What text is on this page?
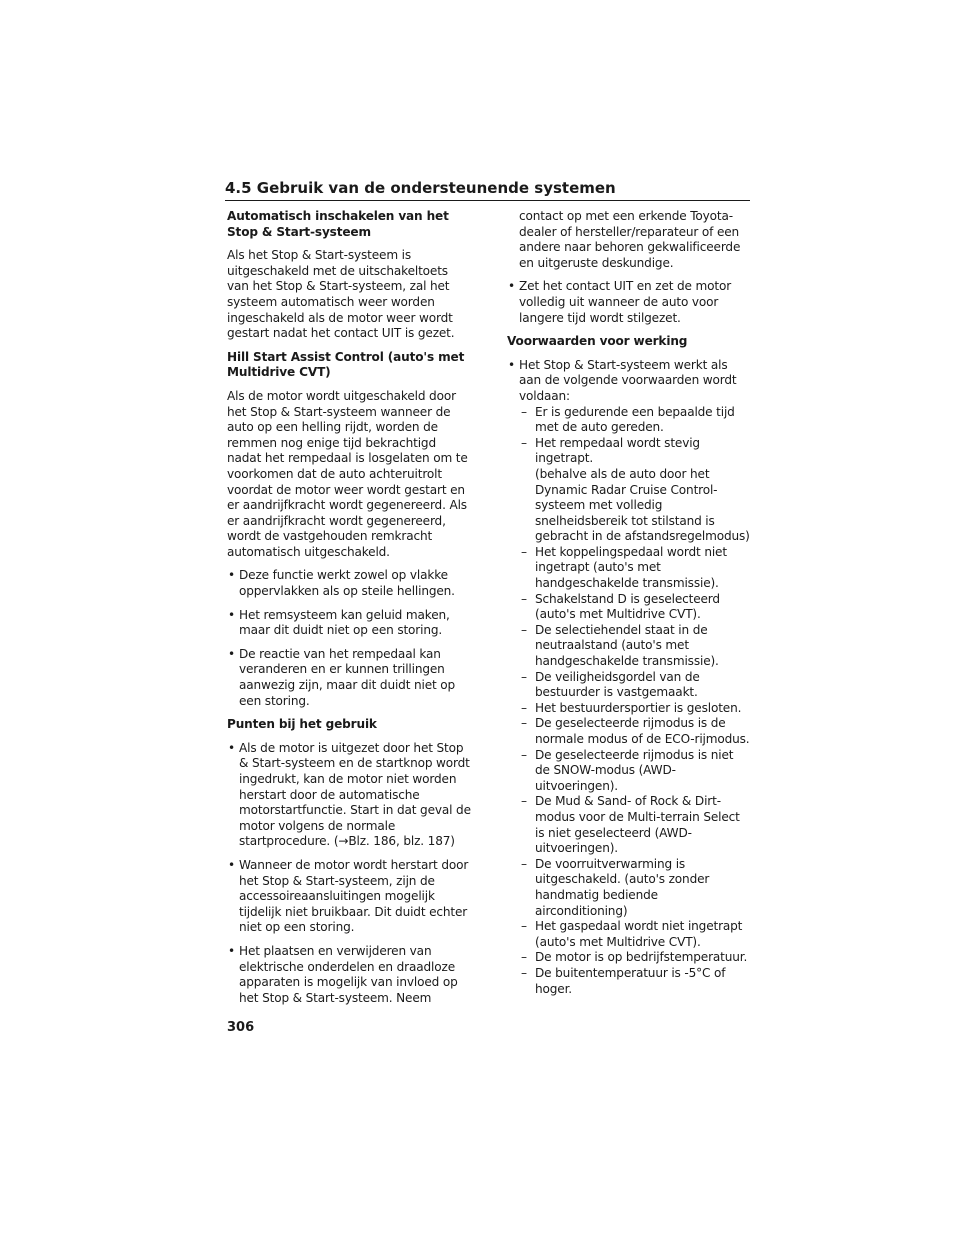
4.5 Gebruik van de ondersteunende systemen
Automatisch inschakelen van het Stop & Start-systeem

Als het Stop & Start-systeem is uitgeschakeld met de uitschakeltoets van het Stop & Start-systeem, zal het systeem automatisch weer worden ingeschakeld als de motor weer wordt gestart nadat het contact UIT is gezet.

Hill Start Assist Control (auto's met Multidrive CVT)

Als de motor wordt uitgeschakeld door het Stop & Start-systeem wanneer de auto op een helling rijdt, worden de remmen nog enige tijd bekrachtigd nadat het rempedaal is losgelaten om te voorkomen dat de auto achteruitrolt voordat de motor weer wordt gestart en er aandrijfkracht wordt gegenereerd. Als er aandrijfkracht wordt gegenereerd, wordt de vastgehouden remkracht automatisch uitgeschakeld.

• Deze functie werkt zowel op vlakke oppervlakken als op steile hellingen.
• Het remsysteem kan geluid maken, maar dit duidt niet op een storing.
• De reactie van het rempedaal kan veranderen en er kunnen trillingen aanwezig zijn, maar dit duidt niet op een storing.
Punten bij het gebruik
• Als de motor is uitgezet door het Stop & Start-systeem en de startknop wordt ingedrukt, kan de motor niet worden herstart door de automatische motorstartfunctie. Start in dat geval de motor volgens de normale startprocedure. (→Blz. 186, blz. 187)
• Wanneer de motor wordt herstart door het Stop & Start-systeem, zijn de accessoireaansluitingen mogelijk tijdelijk niet bruikbaar. Dit duidt echter niet op een storing.
• Het plaatsen en verwijderen van elektrische onderdelen en draadloze apparaten is mogelijk van invloed op het Stop & Start-systeem. Neem

contact op met een erkende Toyota-dealer of hersteller/reparateur of een andere naar behoren gekwalificeerde en uitgeruste deskundige.

• Zet het contact UIT en zet de motor volledig uit wanneer de auto voor langere tijd wordt stilgezet.
Voorwaarden voor werking
• Het Stop & Start-systeem werkt als aan de volgende voorwaarden wordt voldaan:
– Er is gedurende een bepaalde tijd met de auto gereden.
– Het rempedaal wordt stevig ingetrapt.
(behalve als de auto door het Dynamic Radar Cruise Control-systeem met volledig snelheidsbereik tot stilstand is gebracht in de afstandsregelmodus)
– Het koppelingspedaal wordt niet ingetrapt (auto's met handgeschakelde transmissie).
– Schakelstand D is geselecteerd (auto's met Multidrive CVT).
– De selectiehendel staat in de neutraalstand (auto's met handgeschakelde transmissie).
– De veiligheidsgordel van de bestuurder is vastgemaakt.
– Het bestuurdersportier is gesloten.
– De geselecteerde rijmodus is de normale modus of de ECO-rijmodus.
– De geselecteerde rijmodus is niet de SNOW-modus (AWD-uitvoeringen).
– De Mud & Sand- of Rock & Dirt-modus voor de Multi-terrain Select is niet geselecteerd (AWD-uitvoeringen).
– De voorruitverwarming is uitgeschakeld. (auto's zonder handmatig bediende airconditioning)
– Het gaspedaal wordt niet ingetrapt (auto's met Multidrive CVT).
– De motor is op bedrijfstemperatuur.
– De buitentemperatuur is -5°C of hoger.
306
